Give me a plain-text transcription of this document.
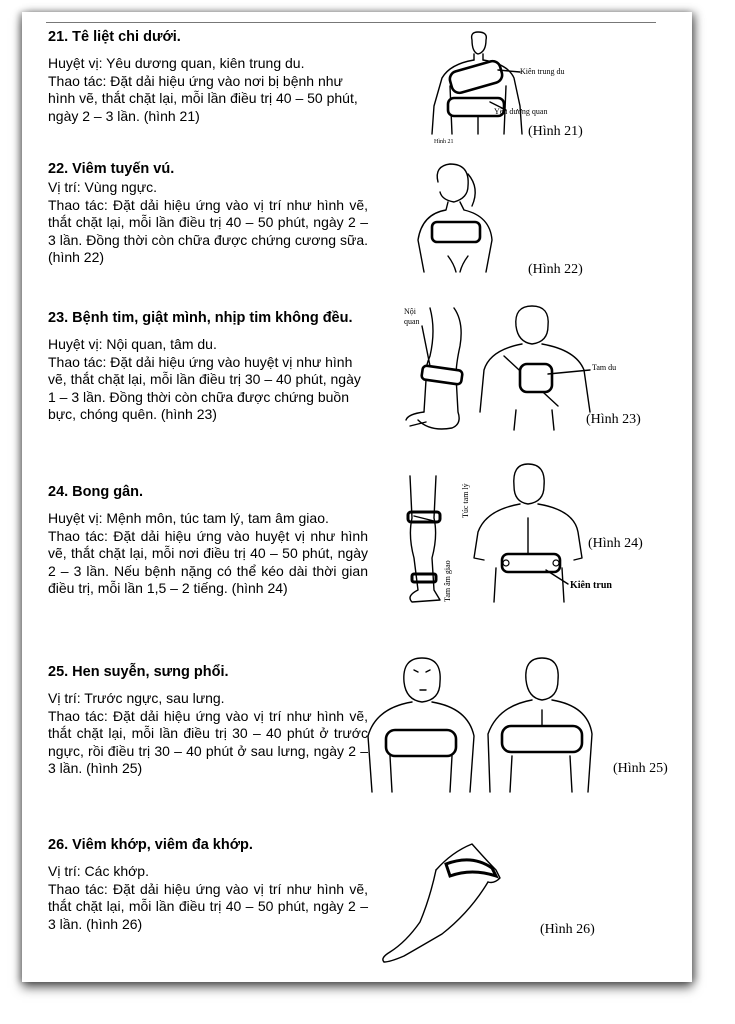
21. Tê liệt chi dưới.

Huyệt vị: Yêu dương quan, kiên trung du.

Thao tác: Đặt dải hiệu ứng vào nơi bị bệnh như hình vẽ, thắt chặt lại, mỗi lần điều trị 40 – 50 phút, ngày 2 – 3 lần. (hình 21)

Kiên trung du
Yêu dương quan
Hình 21
(Hình 21)
22. Viêm tuyến vú.

Vị trí: Vùng ngực.

Thao tác: Đặt dải hiệu ứng vào vị trí như hình vẽ, thắt chặt lại, mỗi lần điều trị 40 – 50 phút, ngày 2 – 3 lần. Đồng thời còn chữa được chứng cương sữa. (hình 22)

(Hình 22)
23. Bệnh tim, giật mình, nhịp tim không đều.

Huyệt vị: Nội quan, tâm du.

Thao tác: Đặt dải hiệu ứng vào huyệt vị như hình vẽ, thắt chặt lại, mỗi lần điều trị 30 – 40 phút, ngày 1 – 3 lần. Đồng thời còn chữa được chứng buồn bực, chóng quên. (hình 23)

Nội
quan
Tam du
(Hình 23)
24. Bong gân.

Huyệt vị: Mệnh môn, túc tam lý, tam âm giao.

Thao tác: Đặt dải hiệu ứng vào huyệt vị như hình vẽ, thắt chặt lại, mỗi nơi điều trị 40 – 50 phút, ngày 2 – 3 lần. Nếu bệnh nặng có thể kéo dài thời gian điều trị, mỗi lần 1,5 – 2 tiếng. (hình 24)

Túc tam lý
Tam âm giao	Kiên trun
(Hình 24)
25. Hen suyễn, sưng phổi.

Vị trí: Trước ngực, sau lưng.

Thao tác: Đặt dải hiệu ứng vào vị trí như hình vẽ, thắt chặt lại, mỗi lần điều trị 30 – 40 phút ở trước ngực, rồi điều trị 30 – 40 phút ở sau lưng, ngày 2 – 3 lần. (hình 25)	(Hình 25)
26. Viêm khớp, viêm đa khớp.

Vị trí: Các khớp.

Thao tác: Đặt dải hiệu ứng vào vị trí như hình vẽ, thắt chặt lại, mỗi lần điều trị 40 – 50 phút, ngày 2 – 3 lần. (hình 26)	(Hình 26)
